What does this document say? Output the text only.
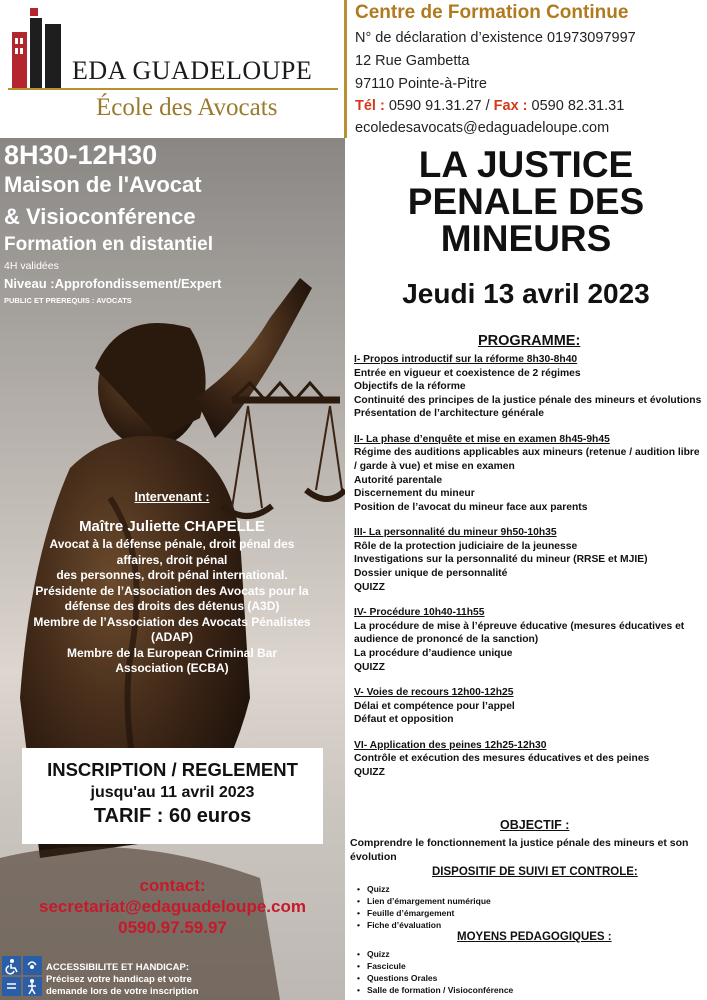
EDA GUADELOUPE
École des Avocats
Centre de Formation Continue
N° de déclaration d’existence 01973097997
12 Rue Gambetta
97110 Pointe-à-Pitre
Tél : 0590 91.31.27 / Fax : 0590 82.31.31
ecoledesavocats@edaguadeloupe.com
8H30-12H30
Maison de l'Avocat
& Visioconférence
Formation en distantiel
4H validées
Niveau :Approfondissement/Expert
PUBLIC ET PREREQUIS : AVOCATS
Intervenant :
Maître Juliette CHAPELLE
Avocat à la défense pénale, droit pénal des
affaires, droit pénal
des personnes, droit pénal international.
Présidente de l’Association des Avocats pour la
défense des droits des détenus (A3D)
Membre de l’Association des Avocats Pénalistes
(ADAP)
Membre de la European Criminal Bar
Association (ECBA)
INSCRIPTION / REGLEMENT
jusqu'au 11 avril 2023
TARIF : 60 euros
contact:
secretariat@edaguadeloupe.com
0590.97.59.97
ACCESSIBILITE ET HANDICAP:
Précisez votre handicap et votre
demande lors de votre inscription
LA JUSTICE
PENALE DES
MINEURS
Jeudi 13 avril 2023
PROGRAMME:
I- Propos introductif sur la réforme 8h30-8h40
Entrée en vigueur et coexistence de 2 régimes
Objectifs de la réforme
Continuité des principes de la justice pénale des mineurs et évolutions
Présentation de l’architecture générale
II- La phase d’enquête et mise en examen 8h45-9h45
Régime des auditions applicables aux mineurs (retenue / audition libre / garde à vue) et mise en examen
Autorité parentale
Discernement du mineur
Position de l’avocat du mineur face aux parents
III- La personnalité du mineur 9h50-10h35
Rôle de la protection judiciaire de la jeunesse
Investigations sur la personnalité du mineur (RRSE et MJIE)
Dossier unique de personnalité
QUIZZ
IV- Procédure 10h40-11h55
La procédure de mise à l’épreuve éducative (mesures éducatives et audience de prononcé de la sanction)
La procédure d’audience unique
QUIZZ
V- Voies de recours 12h00-12h25
Délai et compétence pour l’appel
Défaut et opposition
VI- Application des peines 12h25-12h30
Contrôle et exécution des mesures éducatives et des peines
QUIZZ
OBJECTIF :
Comprendre le fonctionnement la justice pénale des mineurs et son évolution
DISPOSITIF DE SUIVI ET CONTROLE:
• Quizz
• Lien d’émargement numérique
• Feuille d’émargement
• Fiche d’évaluation
MOYENS PEDAGOGIQUES :
• Quizz
• Fascicule
• Questions Orales
• Salle de formation / Visioconférence
